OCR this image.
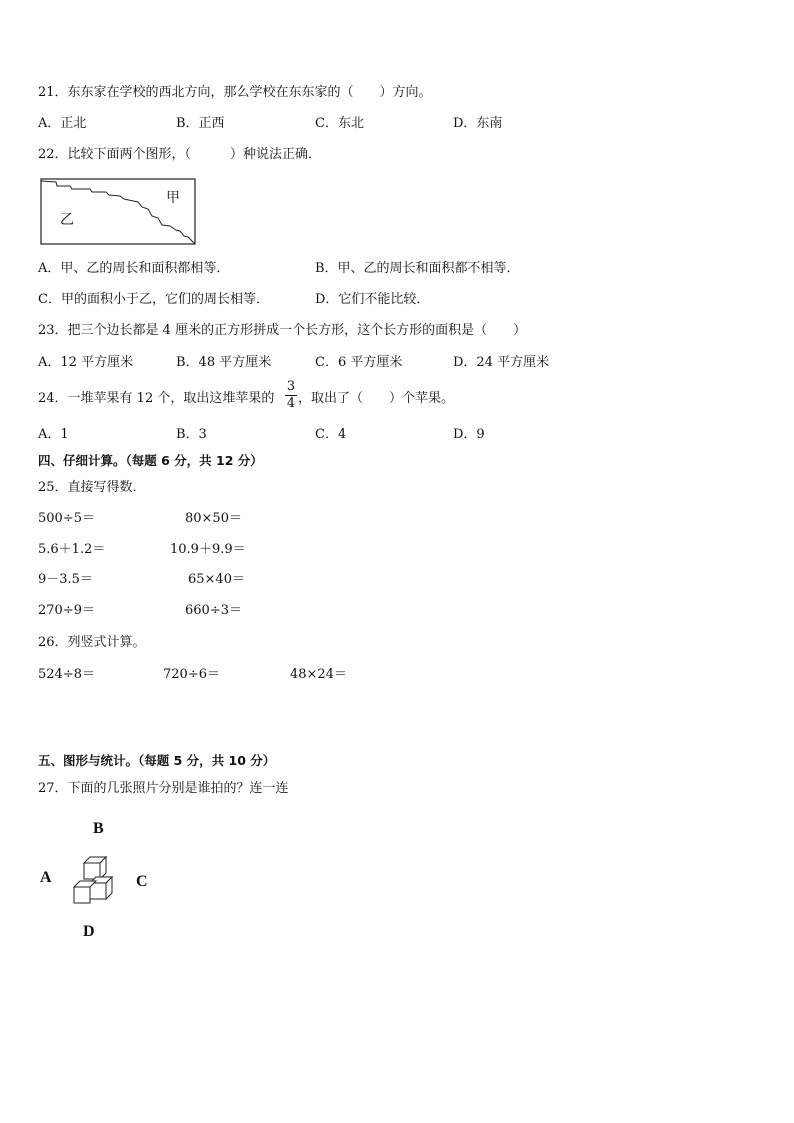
21．东东家在学校的西北方向，那么学校在东东家的（　　）方向。
A．正北	B．正西	C．东北	D．东南
22．比较下面两个图形，（　　　）种说法正确．
甲
乙
A．甲、乙的周长和面积都相等．	B．甲、乙的周长和面积都不相等．
C．甲的面积小于乙，它们的周长相等．	D．它们不能比较．
23．把三个边长都是 4 厘米的正方形拼成一个长方形，这个长方形的面积是（　　）
A．12 平方厘米	B．48 平方厘米	C．6 平方厘米	D．24 平方厘米
24．一堆苹果有 12 个，取出这堆苹果的
3
4 ，取出了（　　）个苹果。
A．1	B．3	C．4	D．9
四、仔细计算。（每题 6 分，共 12 分）
25．直接写得数．
500÷5＝	80×50＝
5.6＋1.2＝	10.9＋9.9＝
9－3.5＝	65×40＝
270÷9＝	660÷3＝
26．列竖式计算。
524÷8＝	720÷6＝	48×24＝
五、图形与统计。（每题 5 分，共 10 分）
27．下面的几张照片分别是谁拍的？连一连
B
A	C
D
